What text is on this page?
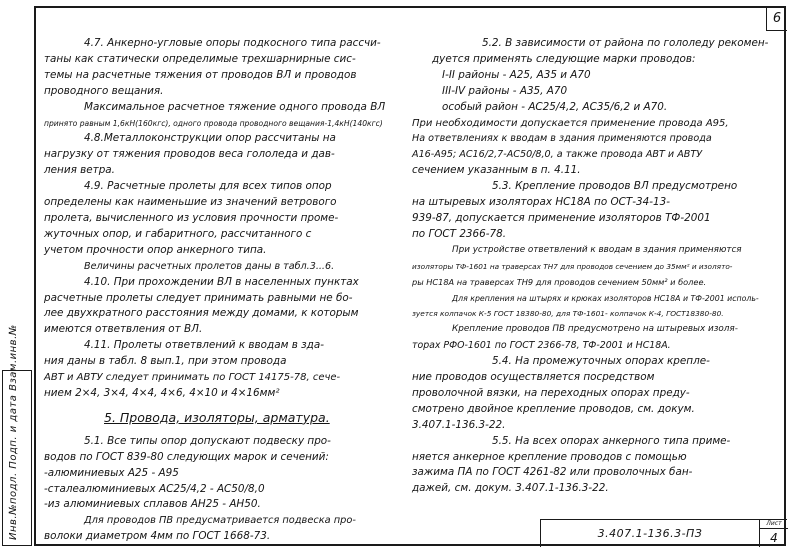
6
Инв.№подл. Подп. и дата Взам.инв.№

4.7. Анкерно-угловые опоры подкосного типа рассчи-

таны как статически определимые трехшарнирные сис-

темы на расчетные тяжения от проводов ВЛ и проводов

проводного вещания.

Максимальное расчетное тяжение одного провода ВЛ

принято равным 1,6кН(160кгс), одного провода проводного вещания-1,4кН(140кгс)

4.8.Металлоконструкции опор рассчитаны на

нагрузку от тяжения проводов веса гололеда и дав-

ления ветра.

4.9. Расчетные пролеты для всех типов опор

определены как наименьшие из значений ветрового

пролета, вычисленного из условия прочности проме-

жуточных опор, и габаритного, рассчитанного с

учетом прочности опор анкерного типа.

Величины расчетных пролетов даны в табл.3...6.

4.10. При прохождении ВЛ в населенных пунктах

расчетные пролеты следует принимать равными не бо-

лее двухкратного расстояния между домами, к которым

имеются ответвления от ВЛ.

4.11. Пролеты ответвлений к вводам в зда-

ния даны в табл. 8 вып.1, при этом провода

АВТ и АВТУ следует принимать по ГОСТ 14175-78, сече-

нием 2×4, 3×4, 4×4, 4×6, 4×10 и 4×16мм²

5. Провода, изоляторы, арматура.

5.1. Все типы опор допускают подвеску про-

водов по ГОСТ 839-80 следующих марок и сечений:

-алюминиевых А25 - А95

-сталеалюминиевых АС25/4,2 - АС50/8,0

-из алюминиевых сплавов АН25 - АН50.

Для проводов ПВ предусматривается подвеска про-

волоки диаметром 4мм по ГОСТ 1668-73.

5.2. В зависимости от района по гололеду рекомен-

дуется применять следующие марки проводов:

I-II районы - А25, А35 и А70

III-IV районы - А35, А70

особый район - АС25/4,2, АС35/6,2 и А70.

При необходимости допускается применение провода А95,

На ответвлениях к вводам в здания применяются провода

А16-А95; АС16/2,7-АС50/8,0, а также провода АВТ и АВТУ

сечением указанным в п. 4.11.

5.3. Крепление проводов ВЛ предусмотрено

на штыревых изоляторах НС18А по ОСТ-34-13-

939-87, допускается применение изоляторов ТФ-2001

по ГОСТ 2366-78.

При устройстве ответвлений к вводам в здания применяются

изоляторы ТФ-1601 на траверсах ТН7 для проводов сечением до 35мм² и изолято-

ры НС18А на траверсах ТН9 для проводов сечением 50мм² и более.

Для крепления на штырях и крюках изоляторов НС18А и ТФ-2001 исполь-

зуется колпачок К-5 ГОСТ 18380-80, для ТФ-1601- колпачок К-4, ГОСТ18380-80.

Крепление проводов ПВ предусмотрено на штыревых изоля-

торах РФО-1601 по ГОСТ 2366-78, ТФ-2001 и НС18А.

5.4. На промежуточных опорах крепле-

ние проводов осуществляется посредством

проволочной вязки, на переходных опорах преду-

смотрено двойное крепление проводов, см. докум.

3.407.1-136.3-22.

5.5. На всех опорах анкерного типа приме-

няется анкерное крепление проводов с помощью

зажима ПА по ГОСТ 4261-82 или проволочных бан-

дажей, см. докум. 3.407.1-136.3-22.

3.407.1-136.3-ПЗ
Лист
4
